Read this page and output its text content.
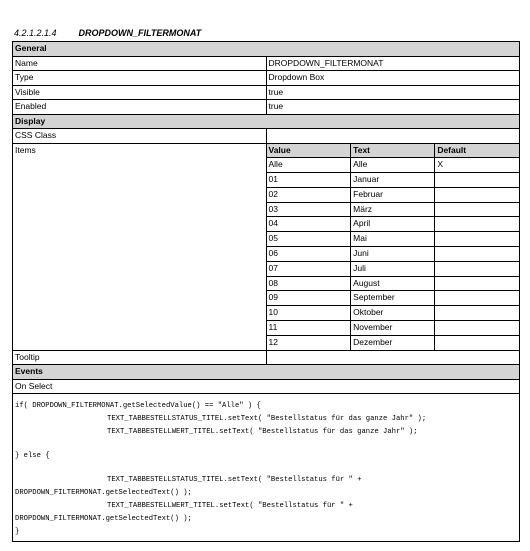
4.2.1.2.1.4 DROPDOWN_FILTERMONAT
General
Name	DROPDOWN_FILTERMONAT
Type	Dropdown Box
Visible	true
Enabled	true
Display
CSS Class	
Items		Value	Text	Default
Alle	Alle	X
01	Januar	
02	Februar	
03	März	
04	April	
05	Mai	
06	Juni	
07	Juli	
08	August	
09	September	
10	Oktober	
11	November	
12	Dezember	

Tooltip	
Events
On Select

if( DROPDOWN_FILTERMONAT.getSelectedValue() == "Alle" ) {
TEXT_TABBESTELLSTATUS_TITEL.setText( "Bestellstatus für das ganze Jahr" );
TEXT_TABBESTELLWERT_TITEL.setText( "Bestellstatus für das ganze Jahr" );
} else {
TEXT_TABBESTELLSTATUS_TITEL.setText( "Bestellstatus für " +
DROPDOWN_FILTERMONAT.getSelectedText() );
TEXT_TABBESTELLWERT_TITEL.setText( "Bestellstatus für " +
DROPDOWN_FILTERMONAT.getSelectedText() );
}
